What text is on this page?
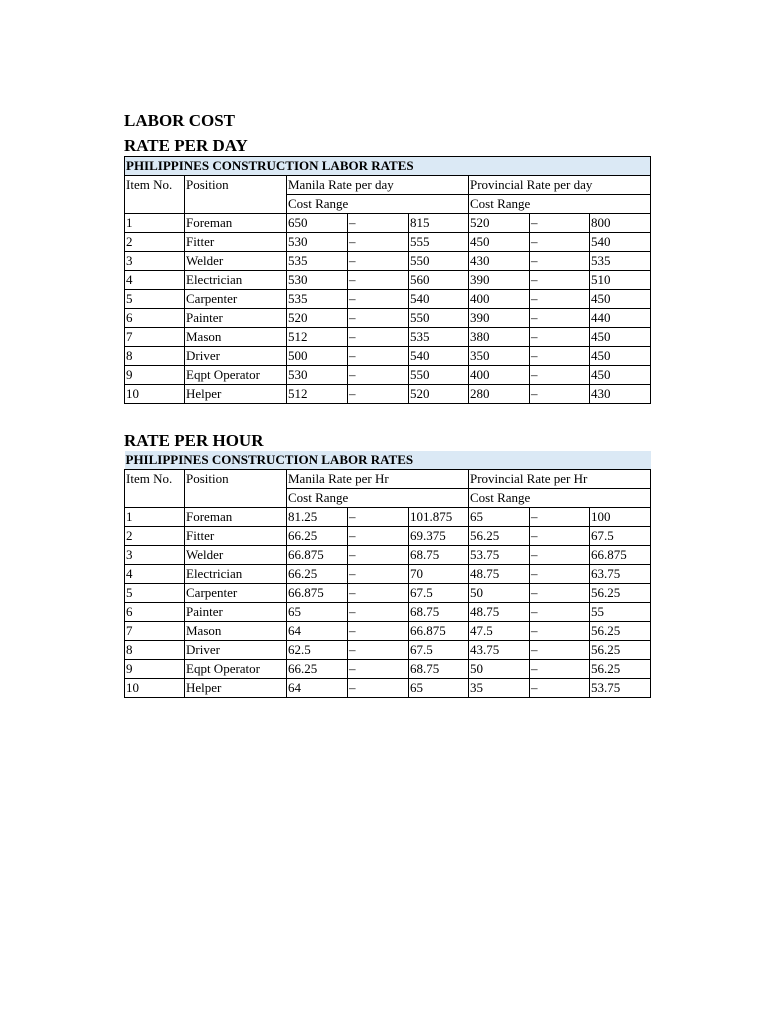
LABOR COST
RATE PER DAY
PHILIPPINES CONSTRUCTION LABOR RATES							
Item No.	Position	Manila Rate per day			Provincial Rate per day		
		Cost Range			Cost Range		
1	Foreman	650	–	815	520	–	800
2	Fitter	530	–	555	450	–	540
3	Welder	535	–	550	430	–	535
4	Electrician	530	–	560	390	–	510
5	Carpenter	535	–	540	400	–	450
6	Painter	520	–	550	390	–	440
7	Mason	512	–	535	380	–	450
8	Driver	500	–	540	350	–	450
9	Eqpt Operator	530	–	550	400	–	450
10	Helper	512	–	520	280	–	430
RATE PER HOUR
PHILIPPINES CONSTRUCTION LABOR RATES							
Item No.	Position	Manila Rate per Hr			Provincial Rate per Hr		
		Cost Range			Cost Range		
1	Foreman	81.25	–	101.875	65	–	100
2	Fitter	66.25	–	69.375	56.25	–	67.5
3	Welder	66.875	–	68.75	53.75	–	66.875
4	Electrician	66.25	–	70	48.75	–	63.75
5	Carpenter	66.875	–	67.5	50	–	56.25
6	Painter	65	–	68.75	48.75	–	55
7	Mason	64	–	66.875	47.5	–	56.25
8	Driver	62.5	–	67.5	43.75	–	56.25
9	Eqpt Operator	66.25	–	68.75	50	–	56.25
10	Helper	64	–	65	35	–	53.75
